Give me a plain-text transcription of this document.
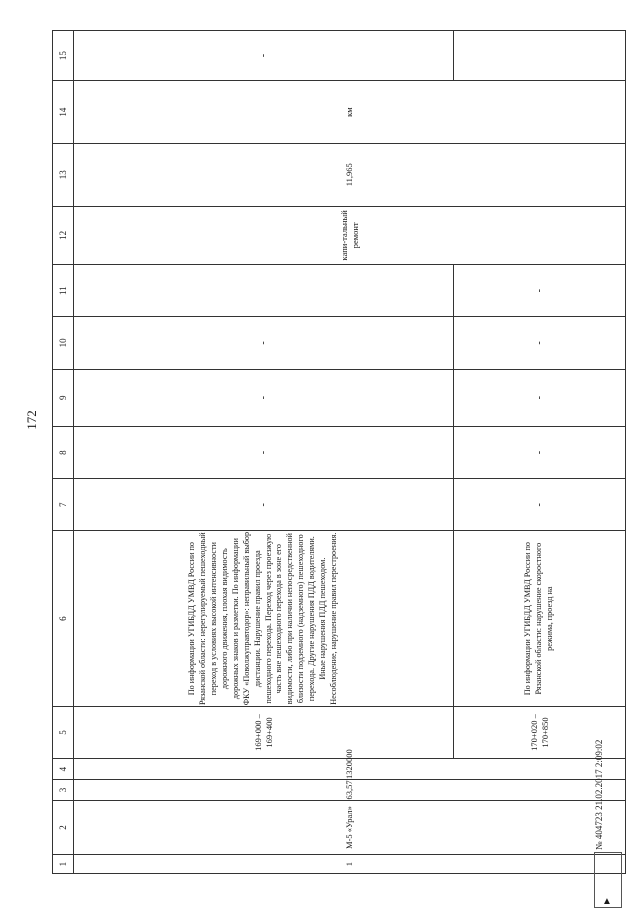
172
1	2	3	4	5	6	7	8	9	10	11	12	13	14	15
1	М-5 «Урал»	63,57	1320000	169+000 – 169+400	По информации УГИБДД УМВД России по Рязанской области: нерегулируемый пешеходный переход в условиях высокой интенсивности дорожного движения, плохая видимость дорожных знаков и разметки. По информации ФКУ «Поволжуправтодор»: неправильный выбор дистанции. Нарушение правил проезда пешеходного перехода. Переход через проезжую часть вне пешеходного перехода в зоне его видимости, либо при наличии непосредственной близости подземного (надземного) пешеходного перехода. Другие нарушения ПДД водителями. Иные нарушения ПДД пешеходом. Несоблюдение, нарушение правил перестроения.	-	-	-	-		капи-тальный ремонт	11,965	км	-
				170+020 – 170+850	По информации УГИБДД УМВД России по Рязанской области: нарушение скоростного режима, проезд на	-	-	-	-	-				
▲
№ 404723 21.02.2017 2:09:02
